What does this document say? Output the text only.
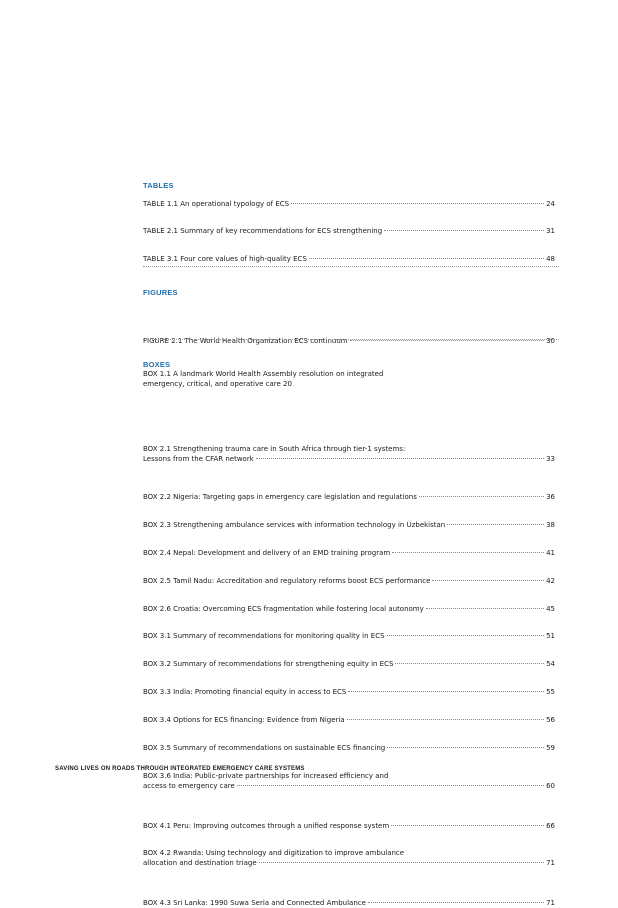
TABLES
TABLE 1.1 An operational typology of ECS	24
TABLE 2.1 Summary of key recommendations for ECS strengthening	31
TABLE 3.1 Four core values of high-quality ECS	48
FIGURES
FIGURE 2.1 The World Health Organization ECS continuum	30
BOXES
BOX 1.1 A landmark World Health Assembly resolution on integrated
emergency, critical, and operative care 20
BOX 2.1 Strengthening trauma care in South Africa through tier-1 systems:
Lessons from the CFAR network	33
BOX 2.2 Nigeria: Targeting gaps in emergency care legislation and regulations	36
BOX 2.3 Strengthening ambulance services with information technology in Uzbekistan	38
BOX 2.4 Nepal: Development and delivery of an EMD training program	41
BOX 2.5 Tamil Nadu: Accreditation and regulatory reforms boost ECS performance	42
BOX 2.6 Croatia: Overcoming ECS fragmentation while fostering local autonomy	45
BOX 3.1 Summary of recommendations for monitoring quality in ECS	51
BOX 3.2 Summary of recommendations for strengthening equity in ECS	54
BOX 3.3 India: Promoting financial equity in access to ECS	55
BOX 3.4 Options for ECS financing: Evidence from Nigeria	56
BOX 3.5 Summary of recommendations on sustainable ECS financing	59
BOX 3.6 India: Public-private partnerships for increased efficiency and
access to emergency care	60
BOX 4.1 Peru: Improving outcomes through a unified response system	66
BOX 4.2 Rwanda: Using technology and digitization to improve ambulance
allocation and destination triage	71
BOX 4.3 Sri Lanka: 1990 Suwa Seria and Connected Ambulance	71
SAVING LIVES ON ROADS THROUGH INTEGRATED EMERGENCY CARE SYSTEMS
